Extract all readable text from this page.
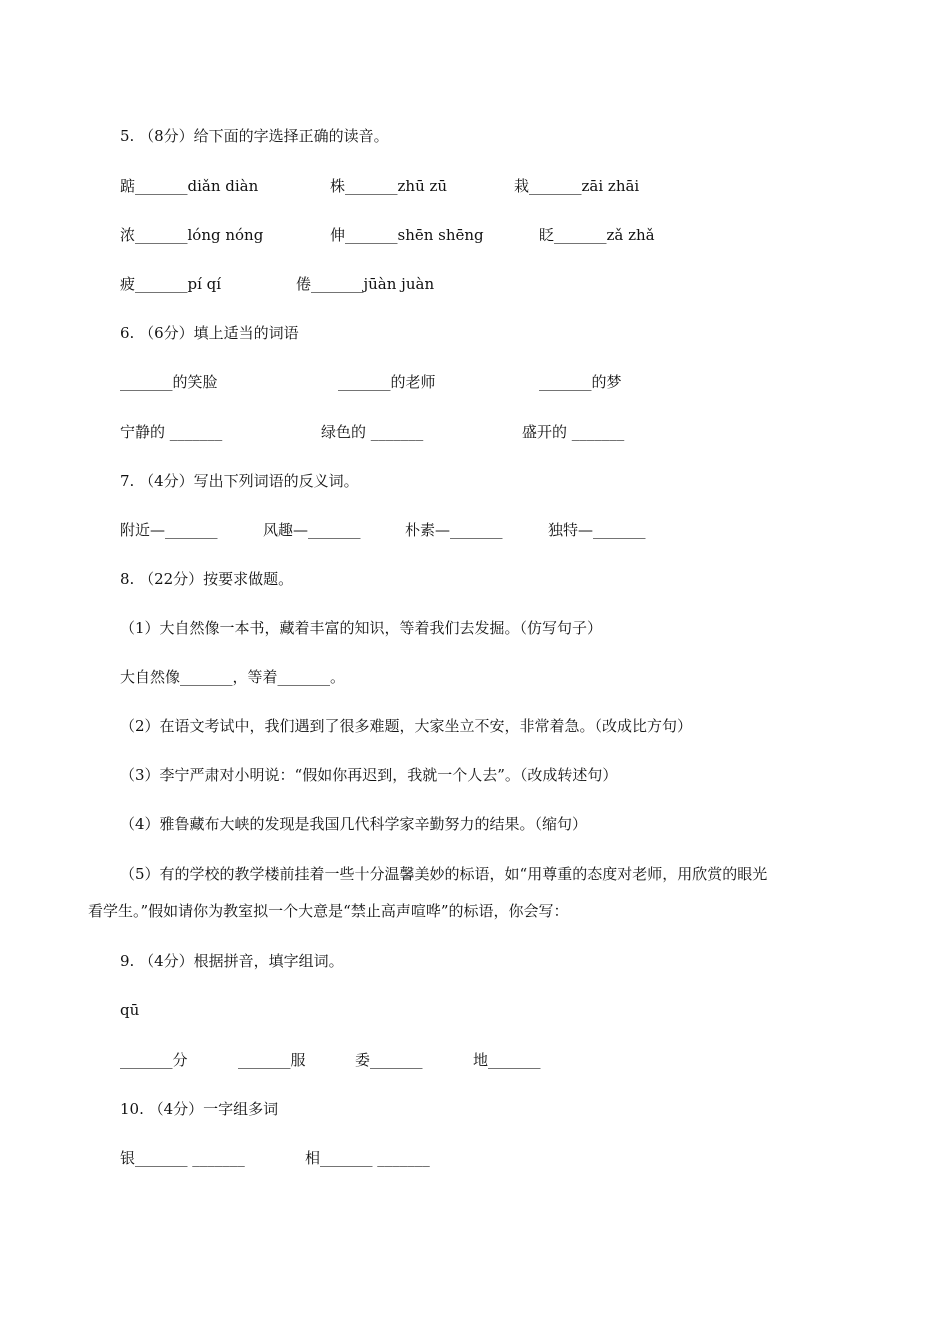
5. （8分）给下面的字选择正确的读音。
踮_______diǎn diàn	株_______zhū zū	栽_______zāi zhāi
浓_______lóng nóng	伸_______shēn shēng	眨_______zǎ zhǎ
疲_______pí qí	倦_______jūàn juàn
6. （6分）填上适当的词语
_______的笑脸	_______的老师	_______的梦
宁静的 _______	绿色的 _______	盛开的 _______
7. （4分）写出下列词语的反义词。
附近—_______	风趣—_______	朴素—_______	独特—_______
8. （22分）按要求做题。
（1）大自然像一本书，藏着丰富的知识，等着我们去发掘。（仿写句子）
大自然像_______，等着_______。
（2）在语文考试中，我们遇到了很多难题，大家坐立不安，非常着急。（改成比方句）
（3）李宁严肃对小明说：“假如你再迟到，我就一个人去”。（改成转述句）
（4）雅鲁藏布大峡的发现是我国几代科学家辛勤努力的结果。（缩句）
（5）有的学校的教学楼前挂着一些十分温馨美妙的标语，如“用尊重的态度对老师，用欣赏的眼光
看学生。”假如请你为教室拟一个大意是“禁止高声喧哗”的标语，你会写：
9. （4分）根据拼音，填字组词。
qū
_______分	_______服	委_______	地_______
10. （4分）一字组多词
银_______ _______	相_______ _______
